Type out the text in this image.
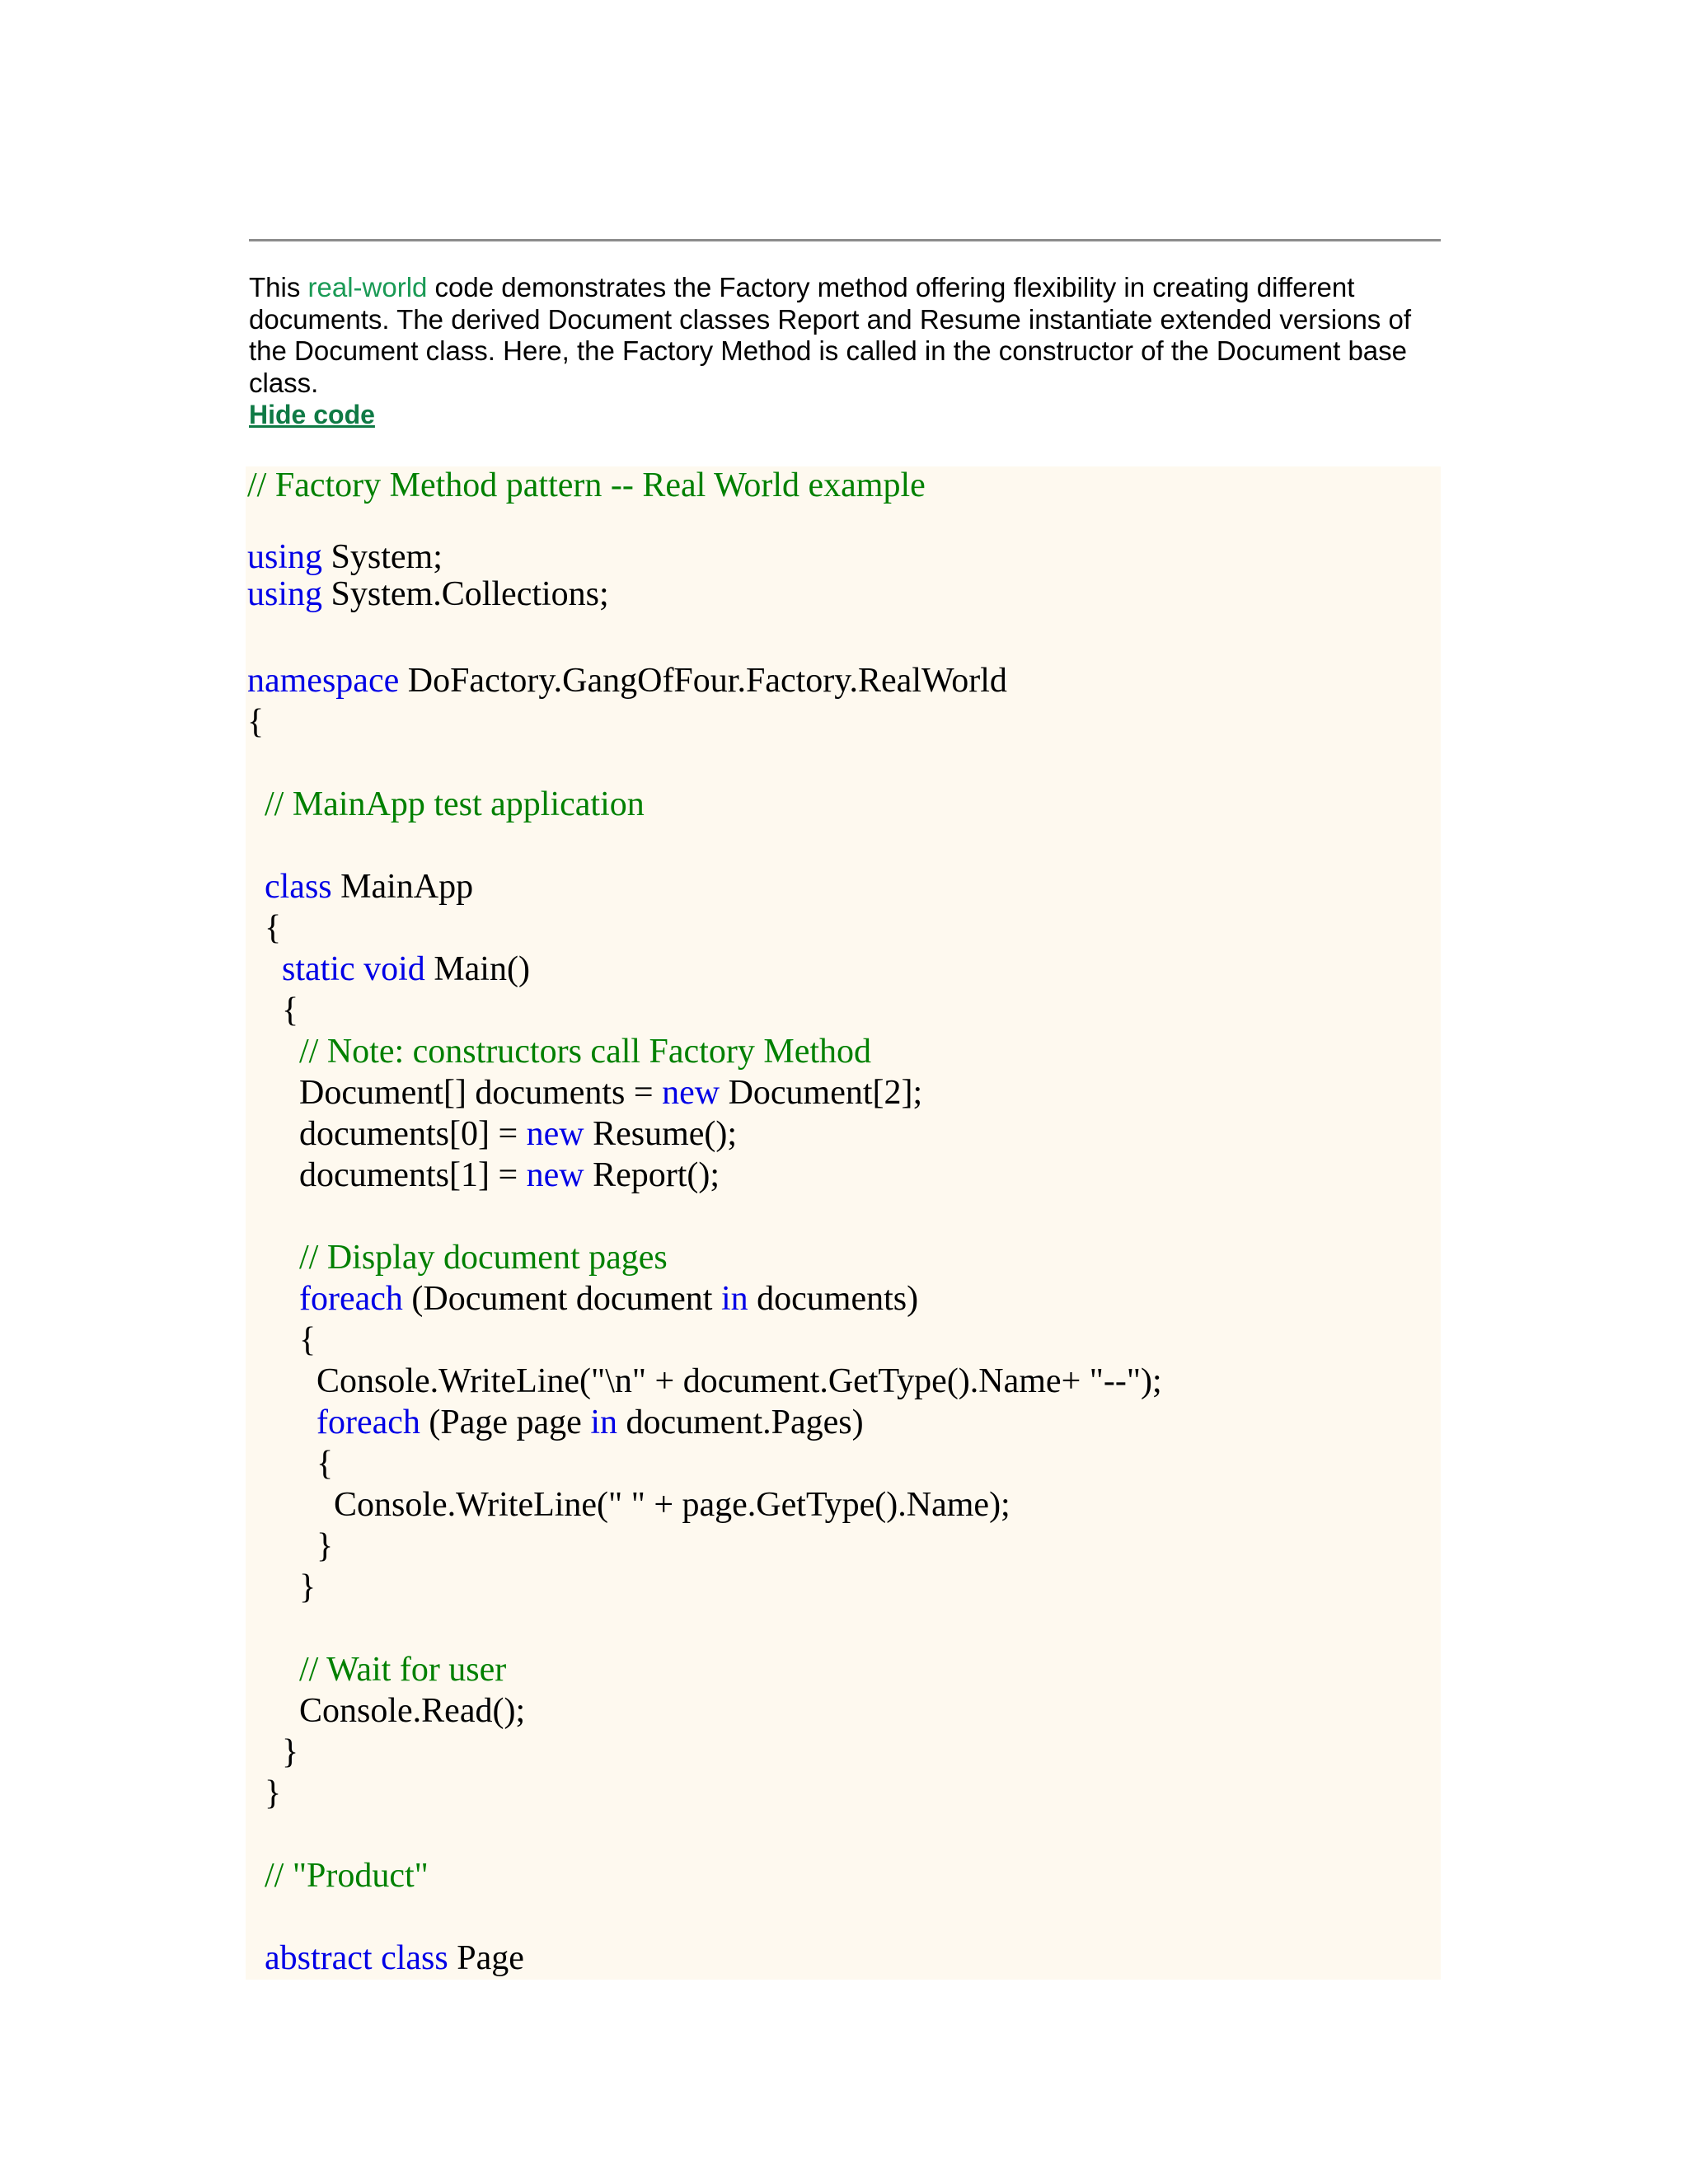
This real-world code demonstrates the Factory method offering flexibility in creating different documents. The derived Document classes Report and Resume instantiate extended versions of the Document class. Here, the Factory Method is called in the constructor of the Document base class.
Hide code
// Factory Method pattern -- Real World example
using System;
using System.Collections;
namespace DoFactory.GangOfFour.Factory.RealWorld
{
// MainApp test application
class MainApp
{
static void Main()
{
// Note: constructors call Factory Method
Document[] documents = new Document[2];
documents[0] = new Resume();
documents[1] = new Report();
// Display document pages
foreach (Document document in documents)
{
Console.WriteLine("\n" + document.GetType().Name+ "--");
foreach (Page page in document.Pages)
{
Console.WriteLine(" " + page.GetType().Name);
}
}
// Wait for user
Console.Read();
}
}
// "Product"
abstract class Page
